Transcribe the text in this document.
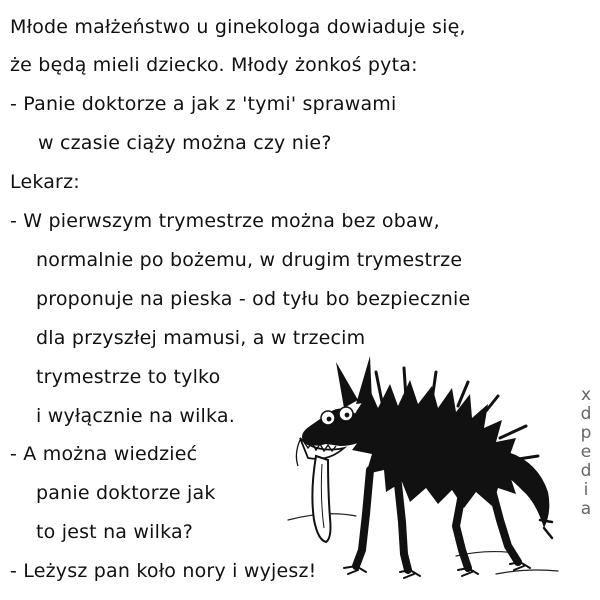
Młode małżeństwo u ginekologa dowiaduje się,
że będą mieli dziecko. Młody żonkoś pyta:
- Panie doktorze a jak z 'tymi' sprawami
w czasie ciąży można czy nie?
Lekarz:
- W pierwszym trymestrze można bez obaw,
normalnie po bożemu, w drugim trymestrze
proponuje na pieska - od tyłu bo bezpiecznie
dla przyszłej mamusi, a w trzecim
trymestrze to tylko
i wyłącznie na wilka.
- A można wiedzieć
panie doktorze jak
to jest na wilka?
- Leżysz pan koło nory i wyjesz!
x
d
p
e
d
i
a
